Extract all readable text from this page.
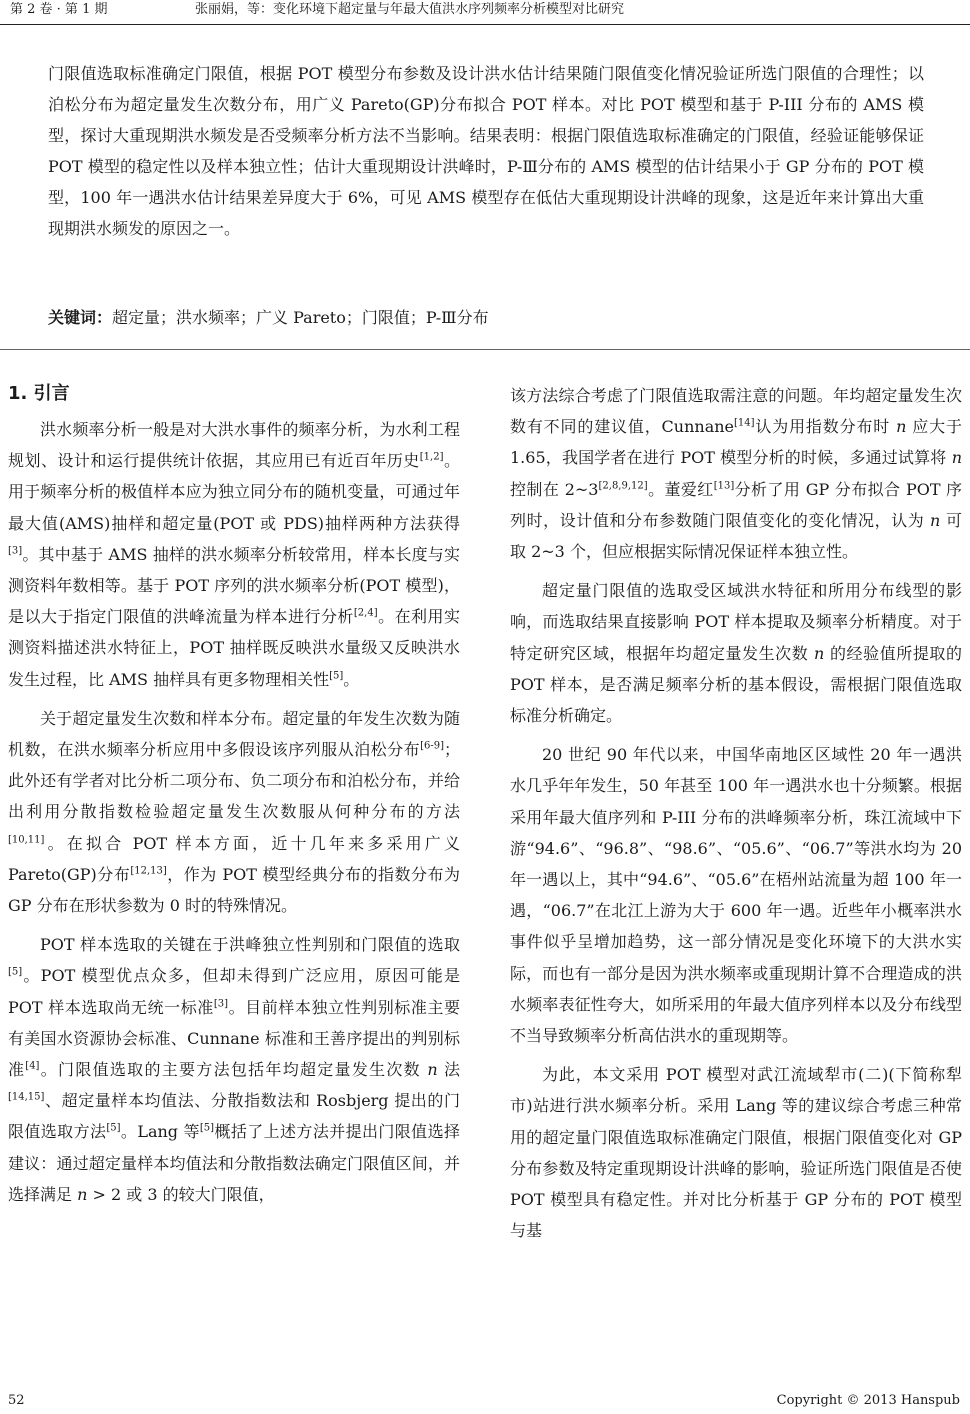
第 2 卷 · 第 1 期	张丽娟，等：变化环境下超定量与年最大值洪水序列频率分析模型对比研究

门限值选取标准确定门限值，根据 POT 模型分布参数及设计洪水估计结果随门限值变化情况验证所选门限值的合理性；以泊松分布为超定量发生次数分布，用广义 Pareto(GP)分布拟合 POT 样本。对比 POT 模型和基于 P-III 分布的 AMS 模型，探讨大重现期洪水频发是否受频率分析方法不当影响。结果表明：根据门限值选取标准确定的门限值，经验证能够保证 POT 模型的稳定性以及样本独立性；估计大重现期设计洪峰时，P-Ⅲ分布的 AMS 模型的估计结果小于 GP 分布的 POT 模型，100 年一遇洪水估计结果差异度大于 6%，可见 AMS 模型存在低估大重现期设计洪峰的现象，这是近年来计算出大重现期洪水频发的原因之一。

关键词：超定量；洪水频率；广义 Pareto；门限值；P-Ⅲ分布
1. 引言

洪水频率分析一般是对大洪水事件的频率分析，为水利工程规划、设计和运行提供统计依据，其应用已有近百年历史[1,2]。用于频率分析的极值样本应为独立同分布的随机变量，可通过年最大值(AMS)抽样和超定量(POT 或 PDS)抽样两种方法获得[3]。其中基于 AMS 抽样的洪水频率分析较常用，样本长度与实测资料年数相等。基于 POT 序列的洪水频率分析(POT 模型)，是以大于指定门限值的洪峰流量为样本进行分析[2,4]。在利用实测资料描述洪水特征上，POT 抽样既反映洪水量级又反映洪水发生过程，比 AMS 抽样具有更多物理相关性[5]。

关于超定量发生次数和样本分布。超定量的年发生次数为随机数，在洪水频率分析应用中多假设该序列服从泊松分布[6-9]；此外还有学者对比分析二项分布、负二项分布和泊松分布，并给出利用分散指数检验超定量发生次数服从何种分布的方法[10,11]。在拟合 POT 样本方面，近十几年来多采用广义 Pareto(GP)分布[12,13]，作为 POT 模型经典分布的指数分布为 GP 分布在形状参数为 0 时的特殊情况。

POT 样本选取的关键在于洪峰独立性判别和门限值的选取[5]。POT 模型优点众多，但却未得到广泛应用，原因可能是 POT 样本选取尚无统一标准[3]。目前样本独立性判别标准主要有美国水资源协会标准、Cunnane 标准和王善序提出的判别标准[4]。门限值选取的主要方法包括年均超定量发生次数 n 法[14,15]、超定量样本均值法、分散指数法和 Rosbjerg 提出的门限值选取方法[5]。Lang 等[5]概括了上述方法并提出门限值选择建议：通过超定量样本均值法和分散指数法确定门限值区间，并选择满足 n > 2 或 3 的较大门限值，

该方法综合考虑了门限值选取需注意的问题。年均超定量发生次数有不同的建议值，Cunnane[14]认为用指数分布时 n 应大于 1.65，我国学者在进行 POT 模型分析的时候，多通过试算将 n 控制在 2~3[2,8,9,12]。董爱红[13]分析了用 GP 分布拟合 POT 序列时，设计值和分布参数随门限值变化的变化情况，认为 n 可取 2~3 个，但应根据实际情况保证样本独立性。

超定量门限值的选取受区域洪水特征和所用分布线型的影响，而选取结果直接影响 POT 样本提取及频率分析精度。对于特定研究区域，根据年均超定量发生次数 n 的经验值所提取的 POT 样本，是否满足频率分析的基本假设，需根据门限值选取标准分析确定。

20 世纪 90 年代以来，中国华南地区区域性 20 年一遇洪水几乎年年发生，50 年甚至 100 年一遇洪水也十分频繁。根据采用年最大值序列和 P-III 分布的洪峰频率分析，珠江流域中下游“94.6”、“96.8”、“98.6”、“05.6”、“06.7”等洪水均为 20 年一遇以上，其中“94.6”、“05.6”在梧州站流量为超 100 年一遇，“06.7”在北江上游为大于 600 年一遇。近些年小概率洪水事件似乎呈增加趋势，这一部分情况是变化环境下的大洪水实际，而也有一部分是因为洪水频率或重现期计算不合理造成的洪水频率表征性夸大，如所采用的年最大值序列样本以及分布线型不当导致频率分析高估洪水的重现期等。

为此，本文采用 POT 模型对武江流域犁市(二)(下简称犁市)站进行洪水频率分析。采用 Lang 等的建议综合考虑三种常用的超定量门限值选取标准确定门限值，根据门限值变化对 GP 分布参数及特定重现期设计洪峰的影响，验证所选门限值是否使 POT 模型具有稳定性。并对比分析基于 GP 分布的 POT 模型与基

52	Copyright © 2013 Hanspub
